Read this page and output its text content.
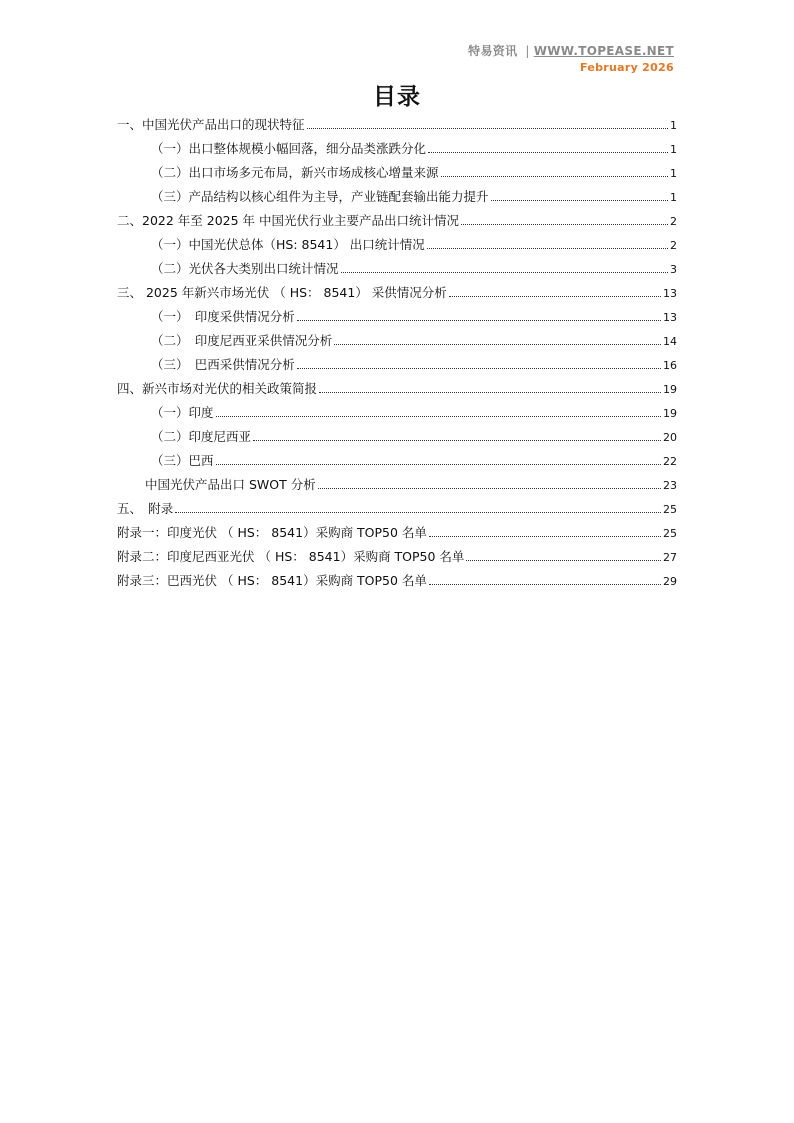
特易资讯 | WWW.TOPEASE.NET
February 2026
目录
一、中国光伏产品出口的现状特征	1
（一）出口整体规模小幅回落，细分品类涨跌分化	1
（二）出口市场多元布局，新兴市场成核心增量来源	1
（三）产品结构以核心组件为主导，产业链配套输出能力提升	1
二、2022 年至 2025 年 中国光伏行业主要产品出口统计情况	2
（一）中国光伏总体（HS: 8541） 出口统计情况	2
（二）光伏各大类别出口统计情况	3
三、 2025 年新兴市场光伏 （ HS： 8541） 采供情况分析	13
（一）　印度采供情况分析	13
（二）　印度尼西亚采供情况分析	14
（三）　巴西采供情况分析	16
四、新兴市场对光伏的相关政策简报	19
（一）印度	19
（二）印度尼西亚	20
（三）巴西	22
中国光伏产品出口 SWOT 分析	23
五、　附录	25
附录一：印度光伏 （ HS： 8541）采购商 TOP50 名单	25
附录二：印度尼西亚光伏 （ HS： 8541）采购商 TOP50 名单	27
附录三：巴西光伏 （ HS： 8541）采购商 TOP50 名单	29
